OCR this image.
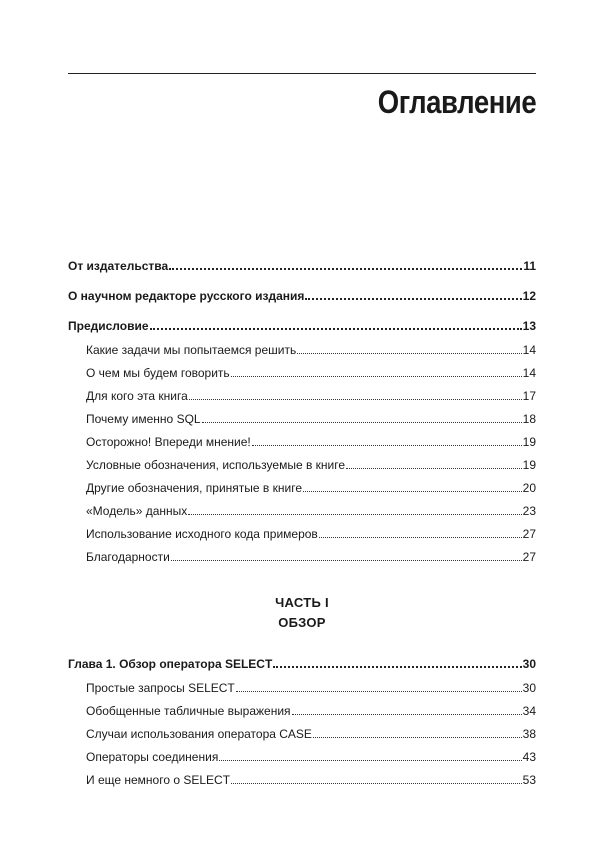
Оглавление
От издательства	11
О научном редакторе русского издания	12
Предисловие	13
Какие задачи мы попытаемся решить	14
О чем мы будем говорить	14
Для кого эта книга	17
Почему именно SQL	18
Осторожно! Впереди мнение!	19
Условные обозначения, используемые в книге	19
Другие обозначения, принятые в книге	20
«Модель» данных	23
Использование исходного кода примеров	27
Благодарности	27
Глава 1. Обзор оператора SELECT	30
Простые запросы SELECT	30
Обобщенные табличные выражения	34
Случаи использования оператора CASE	38
Операторы соединения	43
И еще немного о SELECT	53
ЧАСТЬ I
ОБЗОР
